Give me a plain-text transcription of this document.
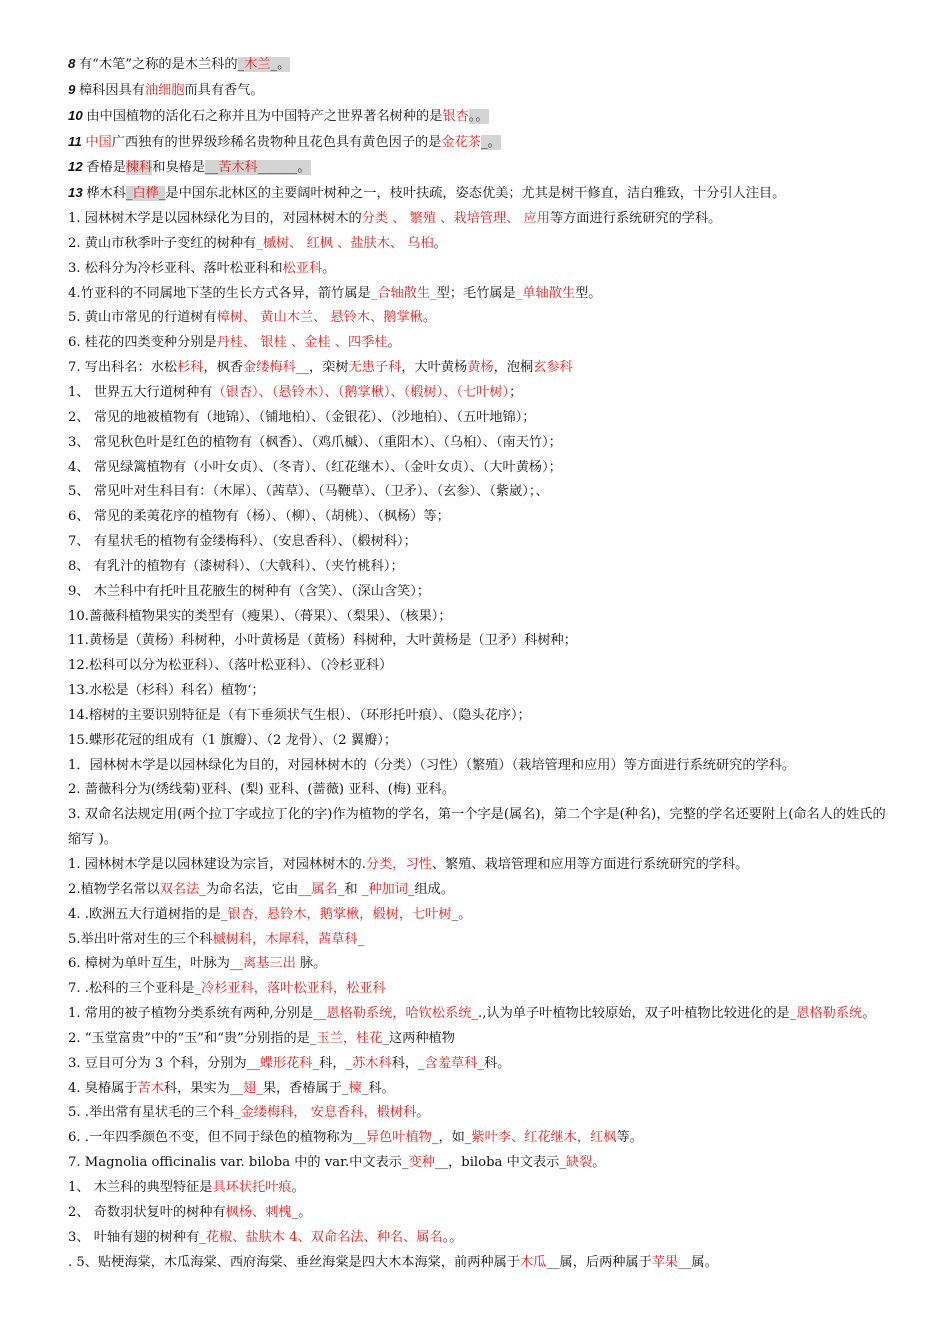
8 有“木笔”之称的是木兰科的_木兰_。
9 樟科因具有油细胞而具有香气。
10 由中国植物的活化石之称并且为中国特产之世界著名树种的是银杏。。
11 中国广西独有的世界级珍稀名贵物种且花色具有黄色因子的是金花茶_。
12 香椿是楝科和臭椿是__苦木科______。
13 桦木科_白桦_是中国东北林区的主要阔叶树种之一，枝叶扶疏，姿态优美；尤其是树干修直，洁白雅致，十分引人注目。
1. 园林树木学是以园林绿化为目的，对园林树木的分类 、 繁殖 、栽培管理、 应用等方面进行系统研究的学科。
2. 黄山市秋季叶子变红的树种有_槭树、 红枫 、盐肤木、 乌桕。
3. 松科分为冷杉亚科、落叶松亚科和松亚科。
4.竹亚科的不同属地下茎的生长方式各异，箭竹属是_合轴散生_型；毛竹属是_单轴散生型。
5. 黄山市常见的行道树有樟树、 黄山木兰、 悬铃木、鹅掌楸。
6. 桂花的四类变种分别是丹桂、 银桂 、金桂 、四季桂。
7. 写出科名：水松杉科，枫香金缕梅科__，栾树无患子科，大叶黄杨黄杨，泡桐玄参科
1、 世界五大行道树种有（银杏）、（悬铃木）、（鹅掌楸）、（椴树）、（七叶树）；
2、 常见的地被植物有（地锦）、（铺地柏）、（金银花）、（沙地柏）、（五叶地锦）；
3、 常见秋色叶是红色的植物有（枫香）、（鸡爪槭）、（重阳木）、（乌桕）、（南天竹）；
4、 常见绿篱植物有（小叶女贞）、（冬青）、（红花继木）、（金叶女贞）、（大叶黄杨）；
5、 常见叶对生科目有：（木犀）、（茜草）、（马鞭草）、（卫矛）、（玄参）、（紫崴）；、
6、 常见的柔荑花序的植物有（杨）、（柳）、（胡桃）、（枫杨）等；
7、 有星状毛的植物有金缕梅科）、（安息香科）、（椴树科）；
8、 有乳汁的植物有（漆树科）、（大戟科）、（夹竹桃科）；
9、 木兰科中有托叶且花腋生的树种有（含笑）、（深山含笑）；
10.蔷薇科植物果实的类型有（瘦果）、（蓇果）、（梨果）、（核果）；
11.黄杨是（黄杨）科树种，小叶黄杨是（黄杨）科树种，大叶黄杨是（卫矛）科树种；
12.松科可以分为松亚科）、（落叶松亚科）、（冷杉亚科）
13.水松是（杉科）科名）植物‘；
14.榕树的主要识别特征是（有下垂须状气生根）、（环形托叶痕）、（隐头花序）；
15.蝶形花冠的组成有（1 旗瓣）、（2 龙骨）、（2 翼瓣）；
1．园林树木学是以园林绿化为目的，对园林树木的（分类）（习性）（繁殖）（栽培管理和应用）等方面进行系统研究的学科。
2. 蔷薇科分为(绣线菊)亚科、(梨) 亚科、(蔷薇) 亚科、(梅) 亚科。
3. 双命名法规定用(两个拉丁字或拉丁化的字)作为植物的学名，第一个字是(属名)，第二个字是(种名)，完整的学名还要附上(命名人的姓氏的缩写 )。
1. 园林树木学是以园林建设为宗旨，对园林树木的.分类，习性、繁殖、栽培管理和应用等方面进行系统研究的学科。
2.植物学名常以双名法_为命名法，它由__属名_和 _种加词_组成。
4. .欧洲五大行道树指的是_银杏，悬铃木，鹅掌楸，椴树，七叶树_。
5.举出叶常对生的三个科槭树科，木犀科，茜草科_
6. 樟树为单叶互生，叶脉为__离基三出 脉。
7. .松科的三个亚科是_冷杉亚科，落叶松亚科，松亚科
1. 常用的被子植物分类系统有两种,分别是__恩格勒系统，哈钦松系统_.,认为单子叶植物比较原始，双子叶植物比较进化的是_恩格勒系统。
2. “玉堂富贵”中的“玉”和“贵”分别指的是_玉兰，桂花_这两种植物
3. 豆目可分为 3 个科，分别为__蝶形花科_科，_苏木科科，_含羞草科_科。
4. 臭椿属于苦木科，果实为__翅_果，香椿属于_楝_科。
5. .举出常有星状毛的三个科_金缕梅科， 安息香科，椴树科。
6. .一年四季颜色不变，但不同于绿色的植物称为__异色叶植物_，如_紫叶李、红花继木，红枫等。
7. Magnolia officinalis var. biloba 中的 var.中文表示_变种__，biloba 中文表示_缺裂。
1、 木兰科的典型特征是具环状托叶痕。
2、 奇数羽状复叶的树种有枫杨、刺槐_。
3、 叶轴有翅的树种有_花椒、盐肤木 4、双命名法、种名、属名。。
. 5、贴梗海棠，木瓜海棠、西府海棠、垂丝海棠是四大木本海棠，前两种属于木瓜__属，后两种属于苹果__属。
